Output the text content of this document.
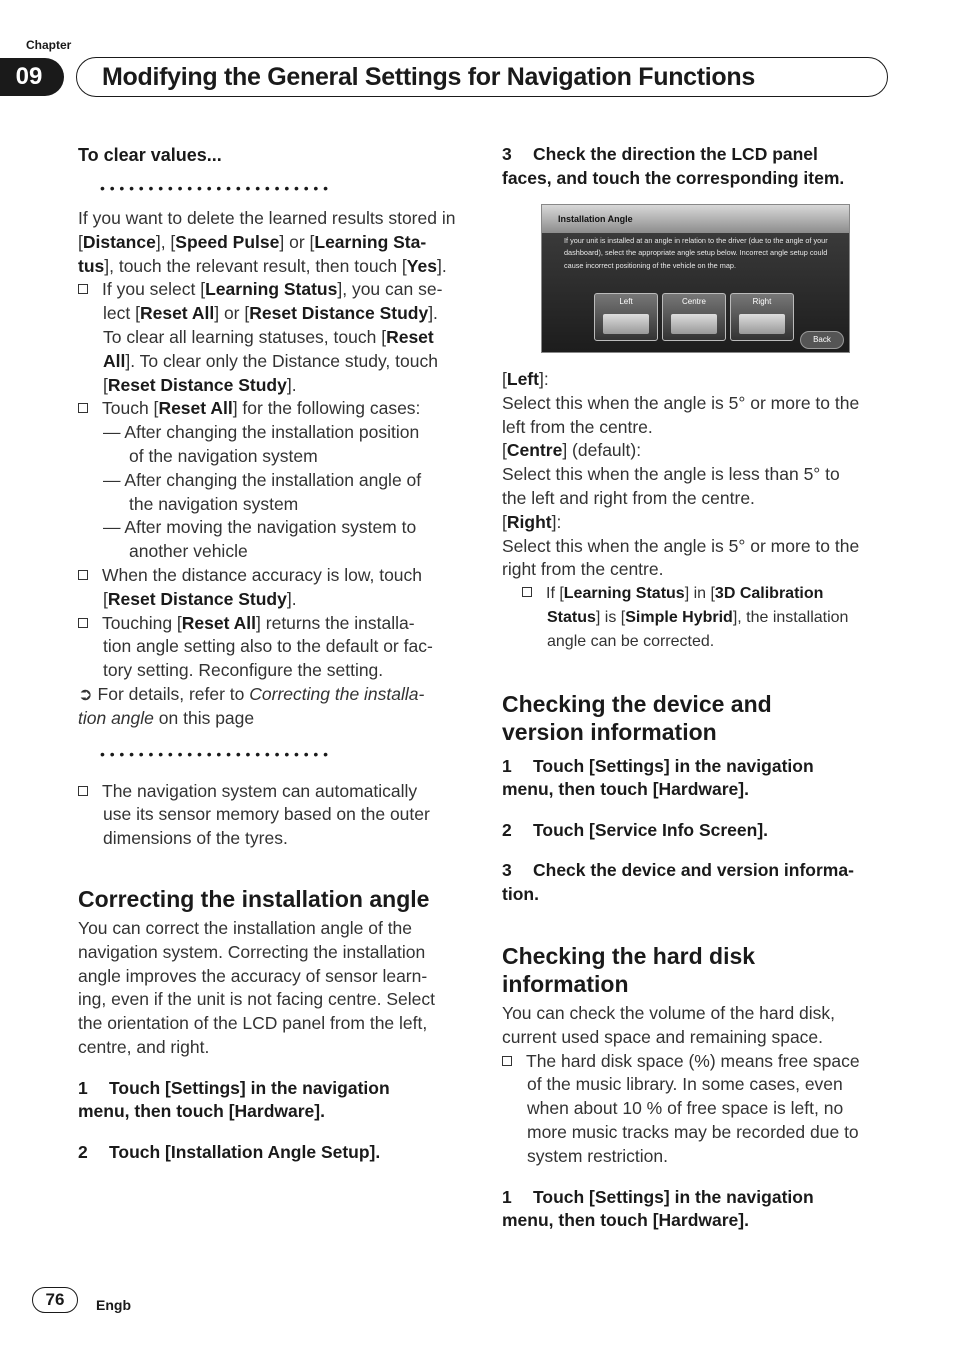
Chapter
09	Modifying the General Settings for Navigation Functions

To clear values...

••••••••••••••••••••••••

If you want to delete the learned results stored in [Distance], [Speed Pulse] or [Learning Sta-
tus], touch the relevant result, then touch [Yes].

If you select [Learning Status], you can se-
lect [Reset All] or [Reset Distance Study].
To clear all learning statuses, touch [Reset
All]. To clear only the Distance study, touch
[Reset Distance Study].

Touch [Reset All] for the following cases:

— After changing the installation position
of the navigation system

— After changing the installation angle of
the navigation system

— After moving the navigation system to
another vehicle

When the distance accuracy is low, touch
[Reset Distance Study].

Touching [Reset All] returns the installa-
tion angle setting also to the default or fac-
tory setting. Reconfigure the setting.

➲ For details, refer to Correcting the installa-
tion angle on this page

••••••••••••••••••••••••

The navigation system can automatically
use its sensor memory based on the outer
dimensions of the tyres.

Correcting the installation angle

You can correct the installation angle of the
navigation system. Correcting the installation
angle improves the accuracy of sensor learn-
ing, even if the unit is not facing centre. Select
the orientation of the LCD panel from the left,
centre, and right.

1 Touch [Settings] in the navigation
menu, then touch [Hardware].

2 Touch [Installation Angle Setup].

3 Check the direction the LCD panel
faces, and touch the corresponding item.

Installation Angle
If your unit is installed at an angle in relation to the driver (due to the angle of your dashboard), select the appropriate angle setup below. Incorrect angle setup could cause incorrect positioning of the vehicle on the map.
Left	Centre	Right
Back

[Left]:
Select this when the angle is 5° or more to the
left from the centre.

[Centre] (default):
Select this when the angle is less than 5° to
the left and right from the centre.

[Right]:
Select this when the angle is 5° or more to the
right from the centre.

If [Learning Status] in [3D Calibration
Status] is [Simple Hybrid], the installation
angle can be corrected.

Checking the device and
version information

1 Touch [Settings] in the navigation
menu, then touch [Hardware].

2 Touch [Service Info Screen].

3 Check the device and version informa-
tion.

Checking the hard disk
information

You can check the volume of the hard disk,
current used space and remaining space.

The hard disk space (%) means free space
of the music library. In some cases, even
when about 10 % of free space is left, no
more music tracks may be recorded due to
system restriction.

1 Touch [Settings] in the navigation
menu, then touch [Hardware].

76	Engb
